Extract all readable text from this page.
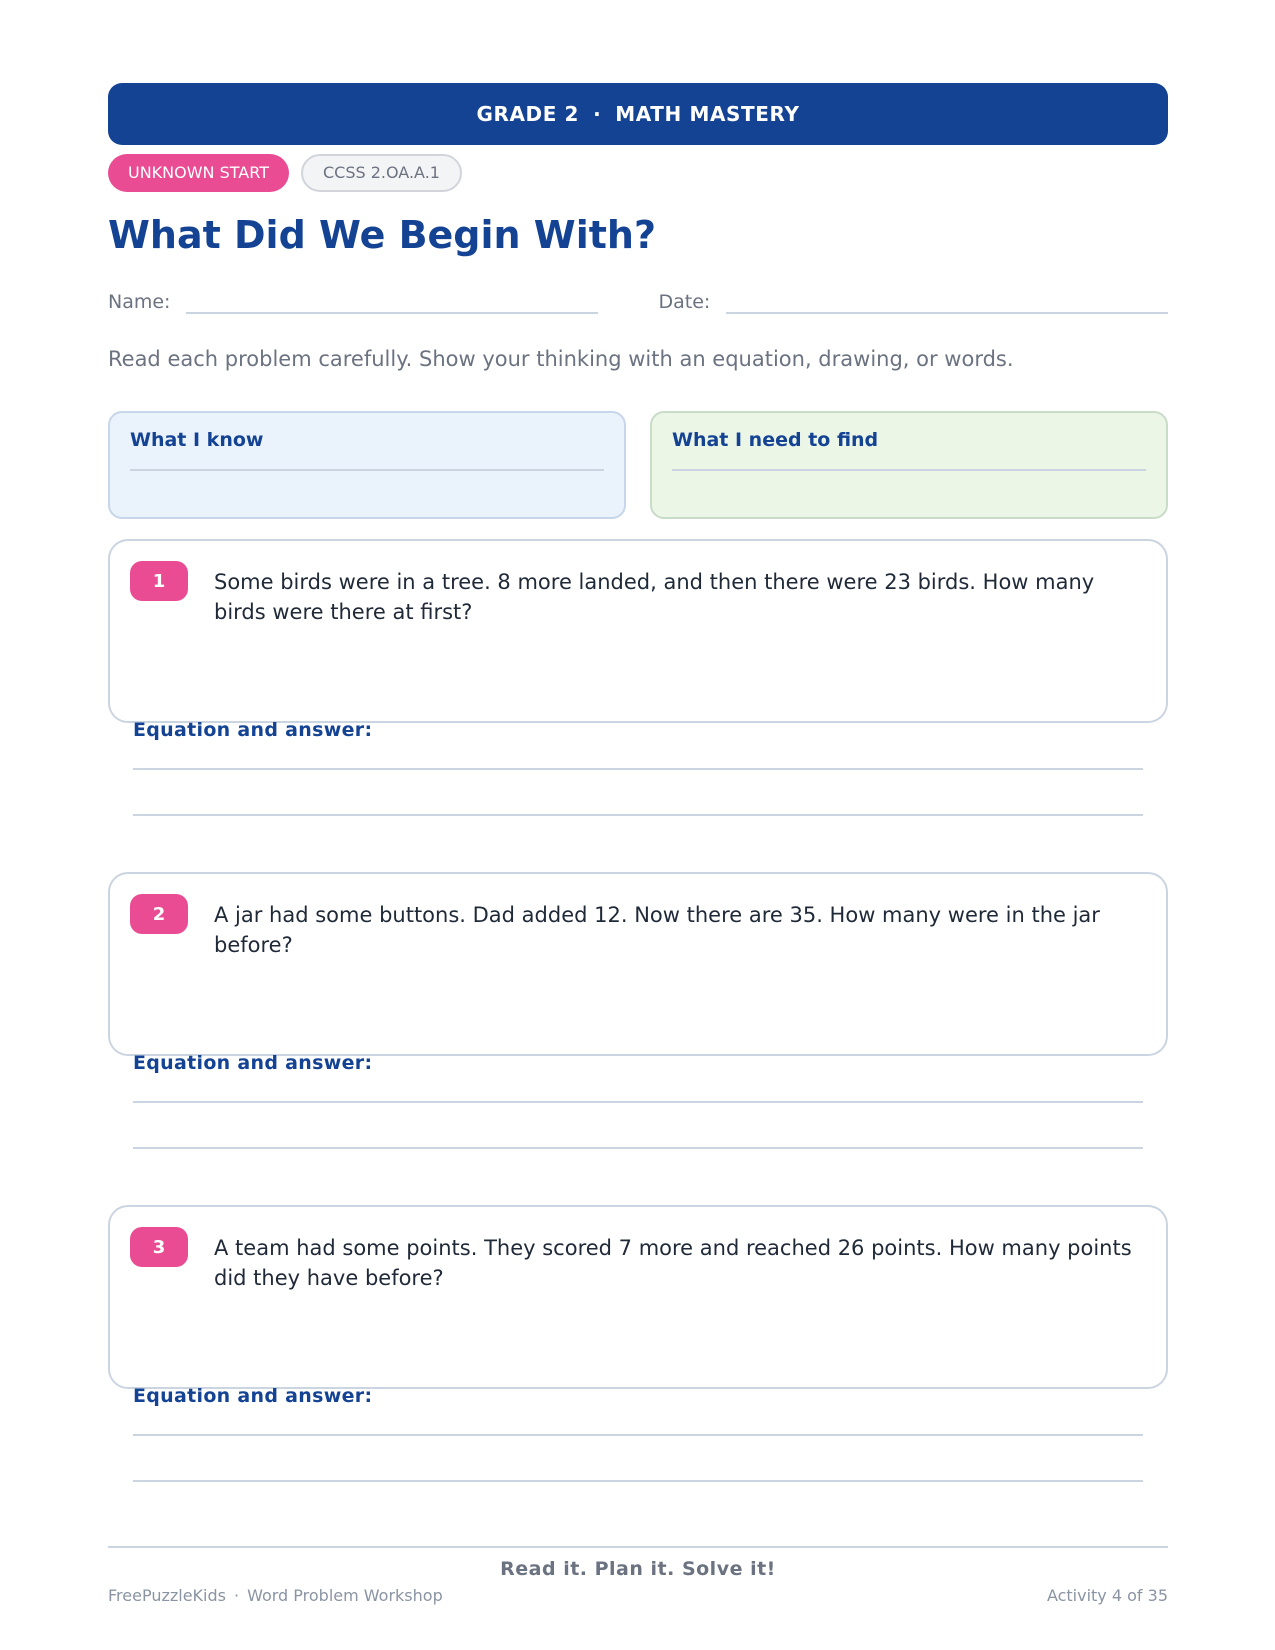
GRADE 2 · MATH MASTERY
UNKNOWN START	CCSS 2.OA.A.1
What Did We Begin With?
Name:	Date:
Read each problem carefully. Show your thinking with an equation, drawing, or words.
What I know	What I need to find
1	Some birds were in a tree. 8 more landed, and then there were 23 birds. How many birds were there at first?
Equation and answer:
2	A jar had some buttons. Dad added 12. Now there are 35. How many were in the jar before?
Equation and answer:
3	A team had some points. They scored 7 more and reached 26 points. How many points did they have before?
Equation and answer:
Read it. Plan it. Solve it!
FreePuzzleKids · Word Problem Workshop	Activity 4 of 35
